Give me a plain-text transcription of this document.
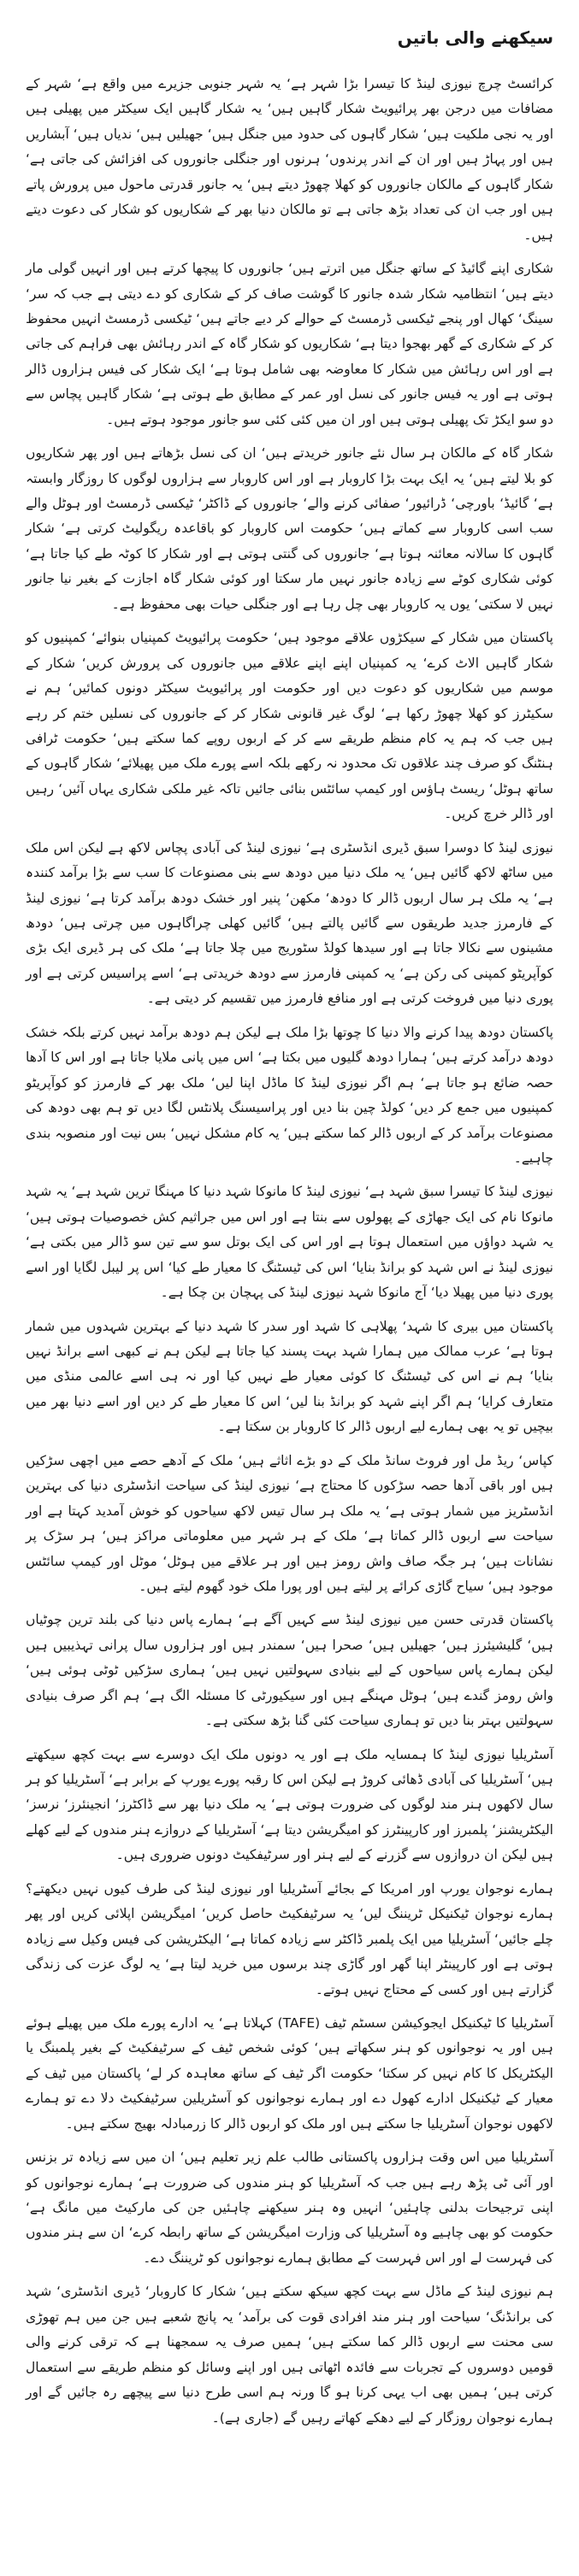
سیکھنے والی باتیں

کرائسٹ چرچ نیوزی لینڈ کا تیسرا بڑا شہر ہے‘ یہ شہر جنوبی جزیرے میں واقع ہے‘ شہر کے مضافات میں درجن بھر پرائیویٹ شکار گاہیں ہیں‘ یہ شکار گاہیں ایک سیکٹر میں پھیلی ہیں اور یہ نجی ملکیت ہیں‘ شکار گاہوں کی حدود میں جنگل ہیں‘ جھیلیں ہیں‘ ندیاں ہیں‘ آبشاریں ہیں اور پہاڑ ہیں اور ان کے اندر پرندوں‘ ہرنوں اور جنگلی جانوروں کی افزائش کی جاتی ہے‘ شکار گاہوں کے مالکان جانوروں کو کھلا چھوڑ دیتے ہیں‘ یہ جانور قدرتی ماحول میں پرورش پاتے ہیں اور جب ان کی تعداد بڑھ جاتی ہے تو مالکان دنیا بھر کے شکاریوں کو شکار کی دعوت دیتے ہیں۔

شکاری اپنے گائیڈ کے ساتھ جنگل میں اترتے ہیں‘ جانوروں کا پیچھا کرتے ہیں اور انہیں گولی مار دیتے ہیں‘ انتظامیہ شکار شدہ جانور کا گوشت صاف کر کے شکاری کو دے دیتی ہے جب کہ سر‘ سینگ‘ کھال اور پنجے ٹیکسی ڈرمسٹ کے حوالے کر دیے جاتے ہیں‘ ٹیکسی ڈرمسٹ انہیں محفوظ کر کے شکاری کے گھر بھجوا دیتا ہے‘ شکاریوں کو شکار گاہ کے اندر رہائش بھی فراہم کی جاتی ہے اور اس رہائش میں شکار کا معاوضہ بھی شامل ہوتا ہے‘ ایک شکار کی فیس ہزاروں ڈالر ہوتی ہے اور یہ فیس جانور کی نسل اور عمر کے مطابق طے ہوتی ہے‘ شکار گاہیں پچاس سے دو سو ایکڑ تک پھیلی ہوتی ہیں اور ان میں کئی کئی سو جانور موجود ہوتے ہیں۔

شکار گاہ کے مالکان ہر سال نئے جانور خریدتے ہیں‘ ان کی نسل بڑھاتے ہیں اور پھر شکاریوں کو بلا لیتے ہیں‘ یہ ایک بہت بڑا کاروبار ہے اور اس کاروبار سے ہزاروں لوگوں کا روزگار وابستہ ہے‘ گائیڈ‘ باورچی‘ ڈرائیور‘ صفائی کرنے والے‘ جانوروں کے ڈاکٹر‘ ٹیکسی ڈرمسٹ اور ہوٹل والے سب اسی کاروبار سے کماتے ہیں‘ حکومت اس کاروبار کو باقاعدہ ریگولیٹ کرتی ہے‘ شکار گاہوں کا سالانہ معائنہ ہوتا ہے‘ جانوروں کی گنتی ہوتی ہے اور شکار کا کوٹہ طے کیا جاتا ہے‘ کوئی شکاری کوٹے سے زیادہ جانور نہیں مار سکتا اور کوئی شکار گاہ اجازت کے بغیر نیا جانور نہیں لا سکتی‘ یوں یہ کاروبار بھی چل رہا ہے اور جنگلی حیات بھی محفوظ ہے۔

پاکستان میں شکار کے سیکڑوں علاقے موجود ہیں‘ حکومت پرائیویٹ کمپنیاں بنوائے‘ کمپنیوں کو شکار گاہیں الاٹ کرے‘ یہ کمپنیاں اپنے اپنے علاقے میں جانوروں کی پرورش کریں‘ شکار کے موسم میں شکاریوں کو دعوت دیں اور حکومت اور پرائیویٹ سیکٹر دونوں کمائیں‘ ہم نے سکیٹرز کو کھلا چھوڑ رکھا ہے‘ لوگ غیر قانونی شکار کر کے جانوروں کی نسلیں ختم کر رہے ہیں جب کہ ہم یہ کام منظم طریقے سے کر کے اربوں روپے کما سکتے ہیں‘ حکومت ٹرافی ہنٹنگ کو صرف چند علاقوں تک محدود نہ رکھے بلکہ اسے پورے ملک میں پھیلائے‘ شکار گاہوں کے ساتھ ہوٹل‘ ریسٹ ہاؤس اور کیمپ سائٹس بنائی جائیں تاکہ غیر ملکی شکاری یہاں آئیں‘ رہیں اور ڈالر خرچ کریں۔

نیوزی لینڈ کا دوسرا سبق ڈیری انڈسٹری ہے‘ نیوزی لینڈ کی آبادی پچاس لاکھ ہے لیکن اس ملک میں ساٹھ لاکھ گائیں ہیں‘ یہ ملک دنیا میں دودھ سے بنی مصنوعات کا سب سے بڑا برآمد کنندہ ہے‘ یہ ملک ہر سال اربوں ڈالر کا دودھ‘ مکھن‘ پنیر اور خشک دودھ برآمد کرتا ہے‘ نیوزی لینڈ کے فارمرز جدید طریقوں سے گائیں پالتے ہیں‘ گائیں کھلی چراگاہوں میں چرتی ہیں‘ دودھ مشینوں سے نکالا جاتا ہے اور سیدھا کولڈ سٹوریج میں چلا جاتا ہے‘ ملک کی ہر ڈیری ایک بڑی کوآپریٹو کمپنی کی رکن ہے‘ یہ کمپنی فارمرز سے دودھ خریدتی ہے‘ اسے پراسیس کرتی ہے اور پوری دنیا میں فروخت کرتی ہے اور منافع فارمرز میں تقسیم کر دیتی ہے۔

پاکستان دودھ پیدا کرنے والا دنیا کا چوتھا بڑا ملک ہے لیکن ہم دودھ برآمد نہیں کرتے بلکہ خشک دودھ درآمد کرتے ہیں‘ ہمارا دودھ گلیوں میں بکتا ہے‘ اس میں پانی ملایا جاتا ہے اور اس کا آدھا حصہ ضائع ہو جاتا ہے‘ ہم اگر نیوزی لینڈ کا ماڈل اپنا لیں‘ ملک بھر کے فارمرز کو کوآپریٹو کمپنیوں میں جمع کر دیں‘ کولڈ چین بنا دیں اور پراسیسنگ پلانٹس لگا دیں تو ہم بھی دودھ کی مصنوعات برآمد کر کے اربوں ڈالر کما سکتے ہیں‘ یہ کام مشکل نہیں‘ بس نیت اور منصوبہ بندی چاہیے۔

نیوزی لینڈ کا تیسرا سبق شہد ہے‘ نیوزی لینڈ کا مانوکا شہد دنیا کا مہنگا ترین شہد ہے‘ یہ شہد مانوکا نام کی ایک جھاڑی کے پھولوں سے بنتا ہے اور اس میں جراثیم کش خصوصیات ہوتی ہیں‘ یہ شہد دواؤں میں استعمال ہوتا ہے اور اس کی ایک بوتل سو سے تین سو ڈالر میں بکتی ہے‘ نیوزی لینڈ نے اس شہد کو برانڈ بنایا‘ اس کی ٹیسٹنگ کا معیار طے کیا‘ اس پر لیبل لگایا اور اسے پوری دنیا میں پھیلا دیا‘ آج مانوکا شہد نیوزی لینڈ کی پہچان بن چکا ہے۔

پاکستان میں بیری کا شہد‘ پھلاہی کا شہد اور سدر کا شہد دنیا کے بہترین شہدوں میں شمار ہوتا ہے‘ عرب ممالک میں ہمارا شہد بہت پسند کیا جاتا ہے لیکن ہم نے کبھی اسے برانڈ نہیں بنایا‘ ہم نے اس کی ٹیسٹنگ کا کوئی معیار طے نہیں کیا اور نہ ہی اسے عالمی منڈی میں متعارف کرایا‘ ہم اگر اپنے شہد کو برانڈ بنا لیں‘ اس کا معیار طے کر دیں اور اسے دنیا بھر میں بیچیں تو یہ بھی ہمارے لیے اربوں ڈالر کا کاروبار بن سکتا ہے۔

کپاس‘ ریڈ مل اور فروٹ سانڈ ملک کے دو بڑے اثاثے ہیں‘ ملک کے آدھے حصے میں اچھی سڑکیں ہیں اور باقی آدھا حصہ سڑکوں کا محتاج ہے‘ نیوزی لینڈ کی سیاحت انڈسٹری دنیا کی بہترین انڈسٹریز میں شمار ہوتی ہے‘ یہ ملک ہر سال تیس لاکھ سیاحوں کو خوش آمدید کہتا ہے اور سیاحت سے اربوں ڈالر کماتا ہے‘ ملک کے ہر شہر میں معلوماتی مراکز ہیں‘ ہر سڑک پر نشانات ہیں‘ ہر جگہ صاف واش رومز ہیں اور ہر علاقے میں ہوٹل‘ موٹل اور کیمپ سائٹس موجود ہیں‘ سیاح گاڑی کرائے پر لیتے ہیں اور پورا ملک خود گھوم لیتے ہیں۔

پاکستان قدرتی حسن میں نیوزی لینڈ سے کہیں آگے ہے‘ ہمارے پاس دنیا کی بلند ترین چوٹیاں ہیں‘ گلیشیئرز ہیں‘ جھیلیں ہیں‘ صحرا ہیں‘ سمندر ہیں اور ہزاروں سال پرانی تہذیبیں ہیں لیکن ہمارے پاس سیاحوں کے لیے بنیادی سہولتیں نہیں ہیں‘ ہماری سڑکیں ٹوٹی ہوئی ہیں‘ واش رومز گندے ہیں‘ ہوٹل مہنگے ہیں اور سیکیورٹی کا مسئلہ الگ ہے‘ ہم اگر صرف بنیادی سہولتیں بہتر بنا دیں تو ہماری سیاحت کئی گنا بڑھ سکتی ہے۔

آسٹریلیا نیوزی لینڈ کا ہمسایہ ملک ہے اور یہ دونوں ملک ایک دوسرے سے بہت کچھ سیکھتے ہیں‘ آسٹریلیا کی آبادی ڈھائی کروڑ ہے لیکن اس کا رقبہ پورے یورپ کے برابر ہے‘ آسٹریلیا کو ہر سال لاکھوں ہنر مند لوگوں کی ضرورت ہوتی ہے‘ یہ ملک دنیا بھر سے ڈاکٹرز‘ انجینئرز‘ نرسز‘ الیکٹریشنز‘ پلمبرز اور کارپینٹرز کو امیگریشن دیتا ہے‘ آسٹریلیا کے دروازے ہنر مندوں کے لیے کھلے ہیں لیکن ان دروازوں سے گزرنے کے لیے ہنر اور سرٹیفکیٹ دونوں ضروری ہیں۔

ہمارے نوجوان یورپ اور امریکا کے بجائے آسٹریلیا اور نیوزی لینڈ کی طرف کیوں نہیں دیکھتے؟ ہمارے نوجوان ٹیکنیکل ٹریننگ لیں‘ یہ سرٹیفکیٹ حاصل کریں‘ امیگریشن اپلائی کریں اور پھر چلے جائیں‘ آسٹریلیا میں ایک پلمبر ڈاکٹر سے زیادہ کماتا ہے‘ الیکٹریشن کی فیس وکیل سے زیادہ ہوتی ہے اور کارپینٹر اپنا گھر اور گاڑی چند برسوں میں خرید لیتا ہے‘ یہ لوگ عزت کی زندگی گزارتے ہیں اور کسی کے محتاج نہیں ہوتے۔

آسٹریلیا کا ٹیکنیکل ایجوکیشن سسٹم ٹیف (TAFE) کہلاتا ہے‘ یہ ادارے پورے ملک میں پھیلے ہوئے ہیں اور یہ نوجوانوں کو ہنر سکھاتے ہیں‘ کوئی شخص ٹیف کے سرٹیفکیٹ کے بغیر پلمبنگ یا الیکٹریکل کا کام نہیں کر سکتا‘ حکومت اگر ٹیف کے ساتھ معاہدہ کر لے‘ پاکستان میں ٹیف کے معیار کے ٹیکنیکل ادارے کھول دے اور ہمارے نوجوانوں کو آسٹریلین سرٹیفکیٹ دلا دے تو ہمارے لاکھوں نوجوان آسٹریلیا جا سکتے ہیں اور ملک کو اربوں ڈالر کا زرمبادلہ بھیج سکتے ہیں۔

آسٹریلیا میں اس وقت ہزاروں پاکستانی طالب علم زیر تعلیم ہیں‘ ان میں سے زیادہ تر بزنس اور آئی ٹی پڑھ رہے ہیں جب کہ آسٹریلیا کو ہنر مندوں کی ضرورت ہے‘ ہمارے نوجوانوں کو اپنی ترجیحات بدلنی چاہئیں‘ انہیں وہ ہنر سیکھنے چاہئیں جن کی مارکیٹ میں مانگ ہے‘ حکومت کو بھی چاہیے وہ آسٹریلیا کی وزارت امیگریشن کے ساتھ رابطہ کرے‘ ان سے ہنر مندوں کی فہرست لے اور اس فہرست کے مطابق ہمارے نوجوانوں کو ٹریننگ دے۔

ہم نیوزی لینڈ کے ماڈل سے بہت کچھ سیکھ سکتے ہیں‘ شکار کا کاروبار‘ ڈیری انڈسٹری‘ شہد کی برانڈنگ‘ سیاحت اور ہنر مند افرادی قوت کی برآمد‘ یہ پانچ شعبے ہیں جن میں ہم تھوڑی سی محنت سے اربوں ڈالر کما سکتے ہیں‘ ہمیں صرف یہ سمجھنا ہے کہ ترقی کرنے والی قومیں دوسروں کے تجربات سے فائدہ اٹھاتی ہیں اور اپنے وسائل کو منظم طریقے سے استعمال کرتی ہیں‘ ہمیں بھی اب یہی کرنا ہو گا ورنہ ہم اسی طرح دنیا سے پیچھے رہ جائیں گے اور ہمارے نوجوان روزگار کے لیے دھکے کھاتے رہیں گے (جاری ہے)۔
